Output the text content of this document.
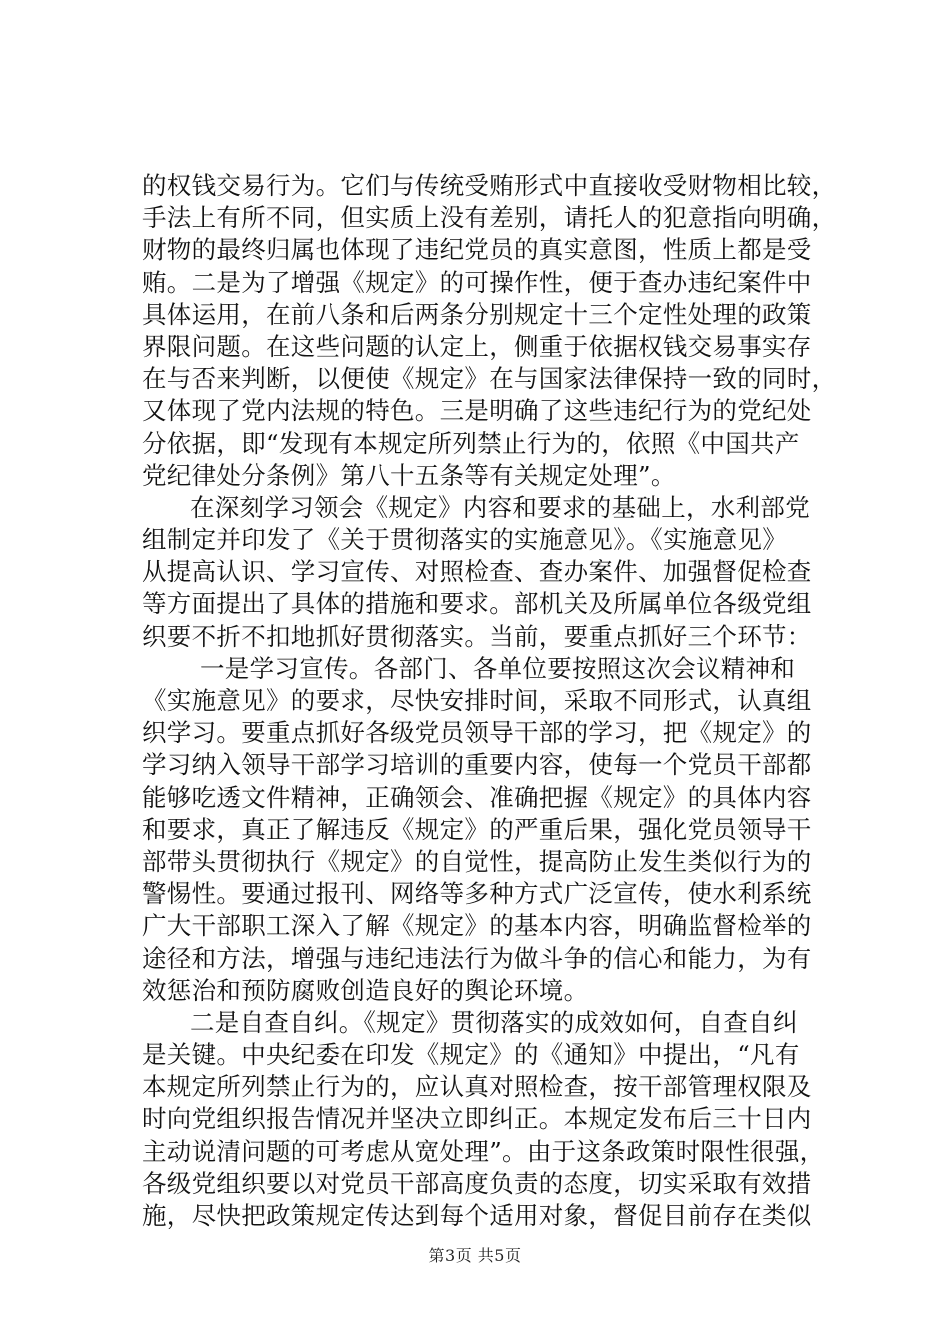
的权钱交易行为。它们与传统受贿形式中直接收受财物相比较，
手法上有所不同，但实质上没有差别，请托人的犯意指向明确，
财物的最终归属也体现了违纪党员的真实意图，性质上都是受
贿。二是为了增强《规定》的可操作性，便于查办违纪案件中
具体运用，在前八条和后两条分别规定十三个定性处理的政策
界限问题。在这些问题的认定上，侧重于依据权钱交易事实存
在与否来判断，以便使《规定》在与国家法律保持一致的同时，
又体现了党内法规的特色。三是明确了这些违纪行为的党纪处
分依据，即“发现有本规定所列禁止行为的，依照《中国共产
党纪律处分条例》第八十五条等有关规定处理”。
在深刻学习领会《规定》内容和要求的基础上，水利部党
组制定并印发了《关于贯彻落实的实施意见》。《实施意见》
从提高认识、学习宣传、对照检查、查办案件、加强督促检查
等方面提出了具体的措施和要求。部机关及所属单位各级党组
织要不折不扣地抓好贯彻落实。当前，要重点抓好三个环节：
一是学习宣传。各部门、各单位要按照这次会议精神和
《实施意见》的要求，尽快安排时间，采取不同形式，认真组
织学习。要重点抓好各级党员领导干部的学习，把《规定》的
学习纳入领导干部学习培训的重要内容，使每一个党员干部都
能够吃透文件精神，正确领会、准确把握《规定》的具体内容
和要求，真正了解违反《规定》的严重后果，强化党员领导干
部带头贯彻执行《规定》的自觉性，提高防止发生类似行为的
警惕性。要通过报刊、网络等多种方式广泛宣传，使水利系统
广大干部职工深入了解《规定》的基本内容，明确监督检举的
途径和方法，增强与违纪违法行为做斗争的信心和能力，为有
效惩治和预防腐败创造良好的舆论环境。
二是自查自纠。《规定》贯彻落实的成效如何，自查自纠
是关键。中央纪委在印发《规定》的《通知》中提出，“凡有
本规定所列禁止行为的，应认真对照检查，按干部管理权限及
时向党组织报告情况并坚决立即纠正。本规定发布后三十日内
主动说清问题的可考虑从宽处理”。由于这条政策时限性很强，
各级党组织要以对党员干部高度负责的态度，切实采取有效措
施，尽快把政策规定传达到每个适用对象，督促目前存在类似
第3页 共5页
